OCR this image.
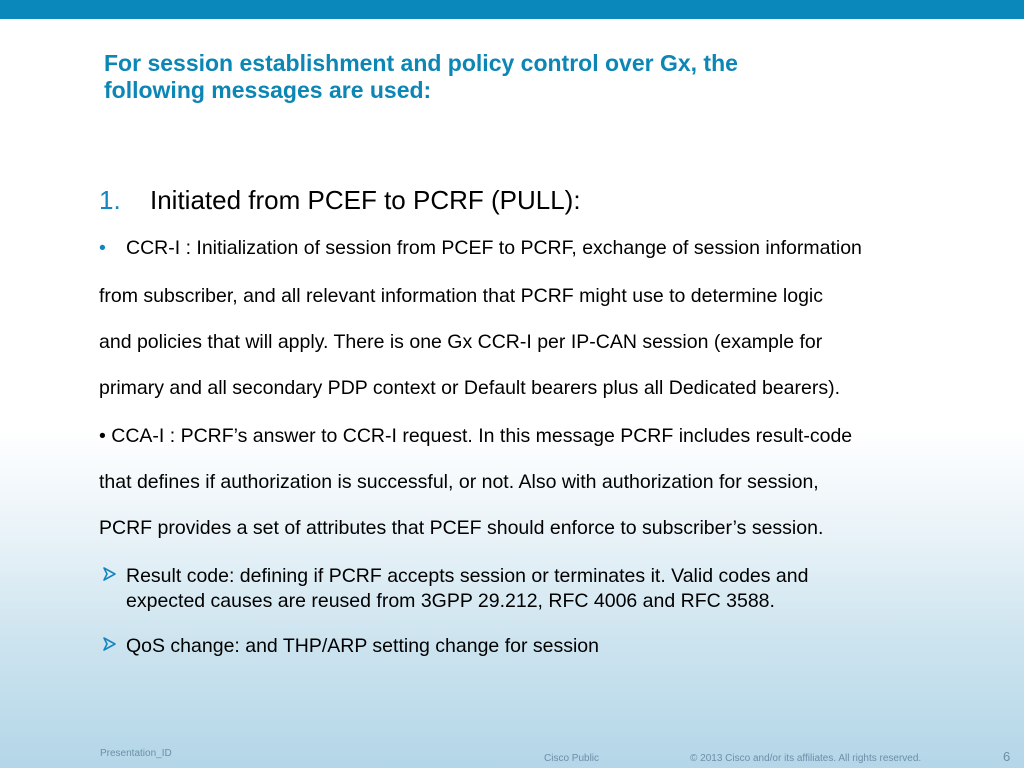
For session establishment and policy control over Gx, the
following messages are used:
1. Initiated from PCEF to PCRF (PULL):
• CCR-I : Initialization of session from PCEF to PCRF, exchange of session information
from subscriber, and all relevant information that PCRF might use to determine logic
and policies that will apply. There is one Gx CCR-I per IP-CAN session (example for
primary and all secondary PDP context or Default bearers plus all Dedicated bearers).
• CCA-I : PCRF’s answer to CCR-I request. In this message PCRF includes result-code
that defines if authorization is successful, or not. Also with authorization for session,
PCRF provides a set of attributes that PCEF should enforce to subscriber’s session.
Result code: defining if PCRF accepts session or terminates it. Valid codes and
expected causes are reused from 3GPP 29.212, RFC 4006 and RFC 3588.
QoS change: and THP/ARP setting change for session
Presentation_ID	Cisco Public	© 2013 Cisco and/or its affiliates. All rights reserved.	6
